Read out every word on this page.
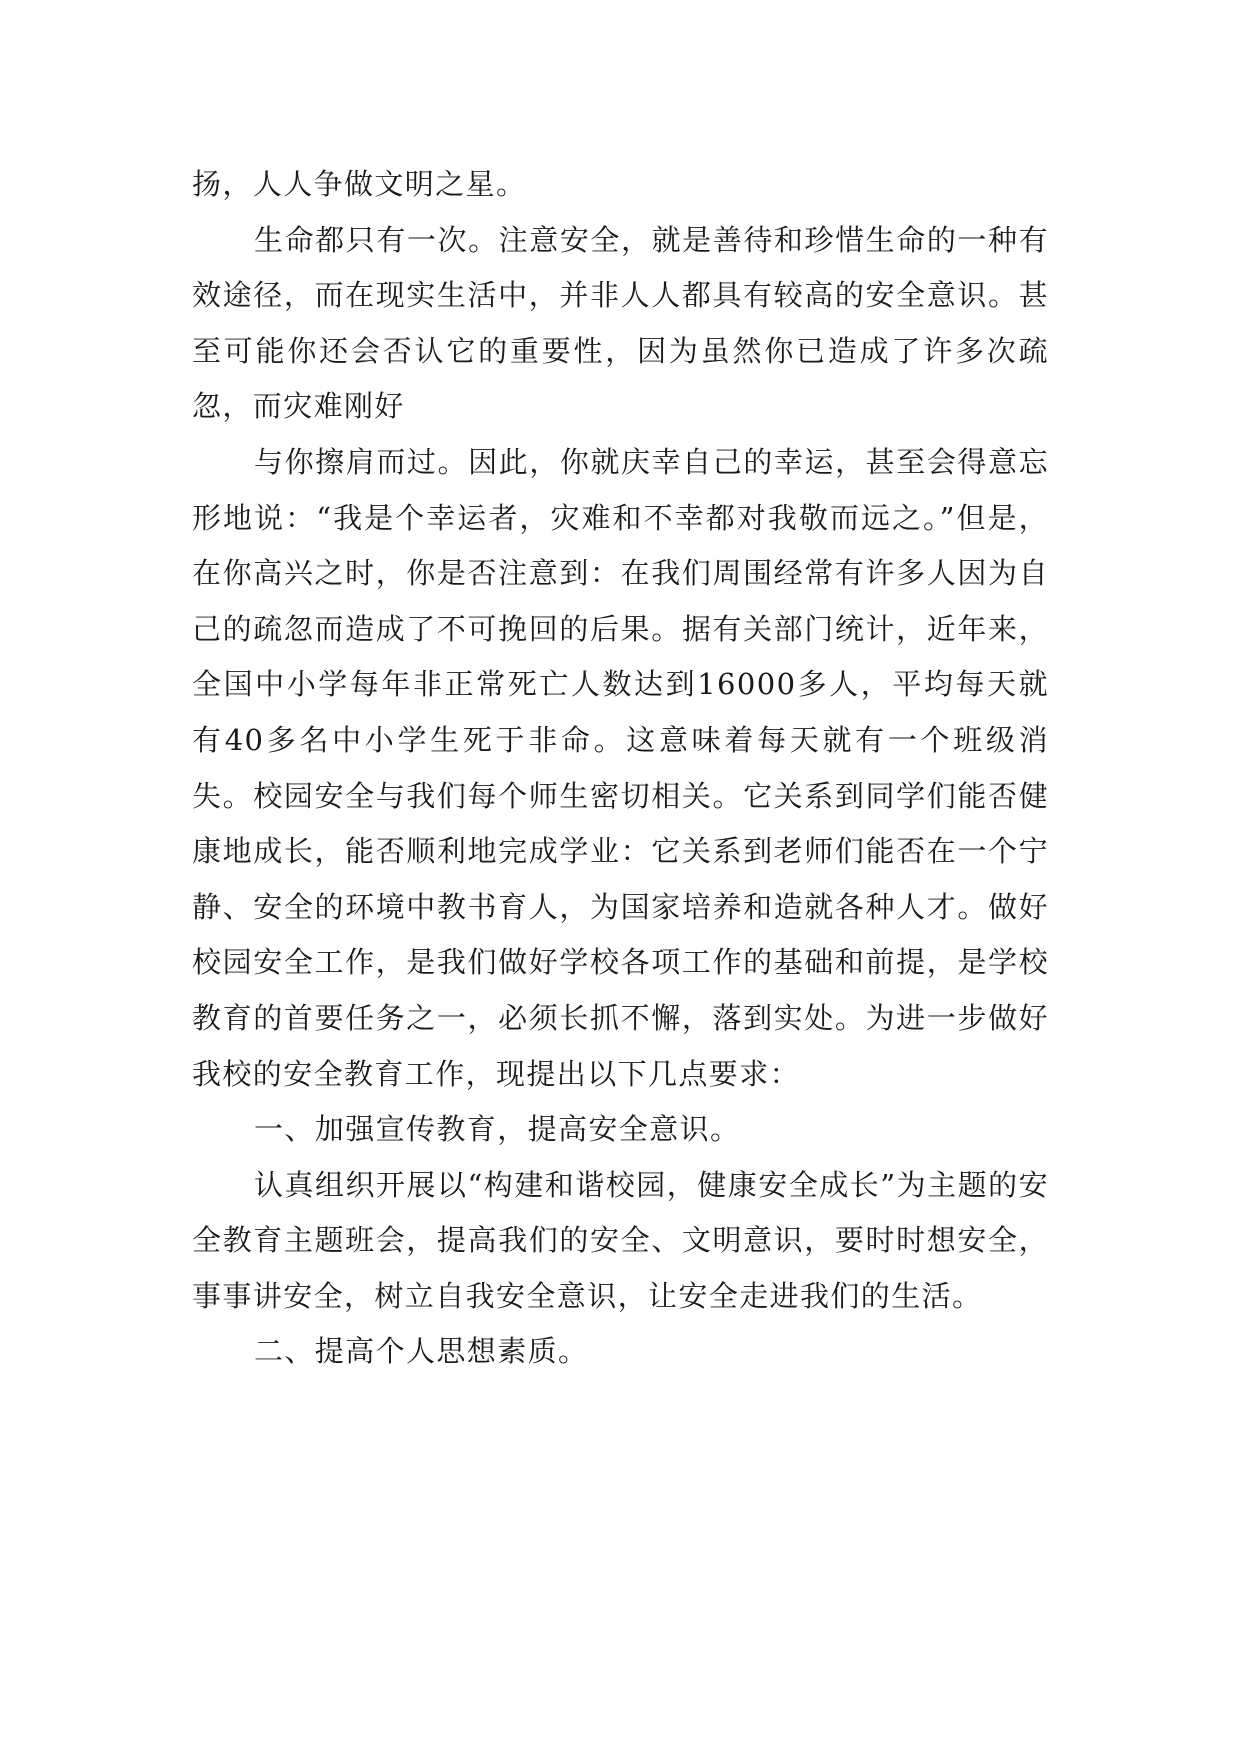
扬，人人争做文明之星。

生命都只有一次。注意安全，就是善待和珍惜生命的一种有效途径，而在现实生活中，并非人人都具有较高的安全意识。甚至可能你还会否认它的重要性，因为虽然你已造成了许多次疏忽，而灾难刚好

与你擦肩而过。因此，你就庆幸自己的幸运，甚至会得意忘形地说：“我是个幸运者，灾难和不幸都对我敬而远之。”但是，在你高兴之时，你是否注意到：在我们周围经常有许多人因为自己的疏忽而造成了不可挽回的后果。据有关部门统计，近年来，全国中小学每年非正常死亡人数达到16000多人，平均每天就有40多名中小学生死于非命。这意味着每天就有一个班级消失。校园安全与我们每个师生密切相关。它关系到同学们能否健康地成长，能否顺利地完成学业：它关系到老师们能否在一个宁静、安全的环境中教书育人，为国家培养和造就各种人才。做好校园安全工作，是我们做好学校各项工作的基础和前提，是学校教育的首要任务之一，必须长抓不懈，落到实处。为进一步做好我校的安全教育工作，现提出以下几点要求：

一、加强宣传教育，提高安全意识。

认真组织开展以“构建和谐校园，健康安全成长”为主题的安全教育主题班会，提高我们的安全、文明意识，要时时想安全，事事讲安全，树立自我安全意识，让安全走进我们的生活。

二、提高个人思想素质。
